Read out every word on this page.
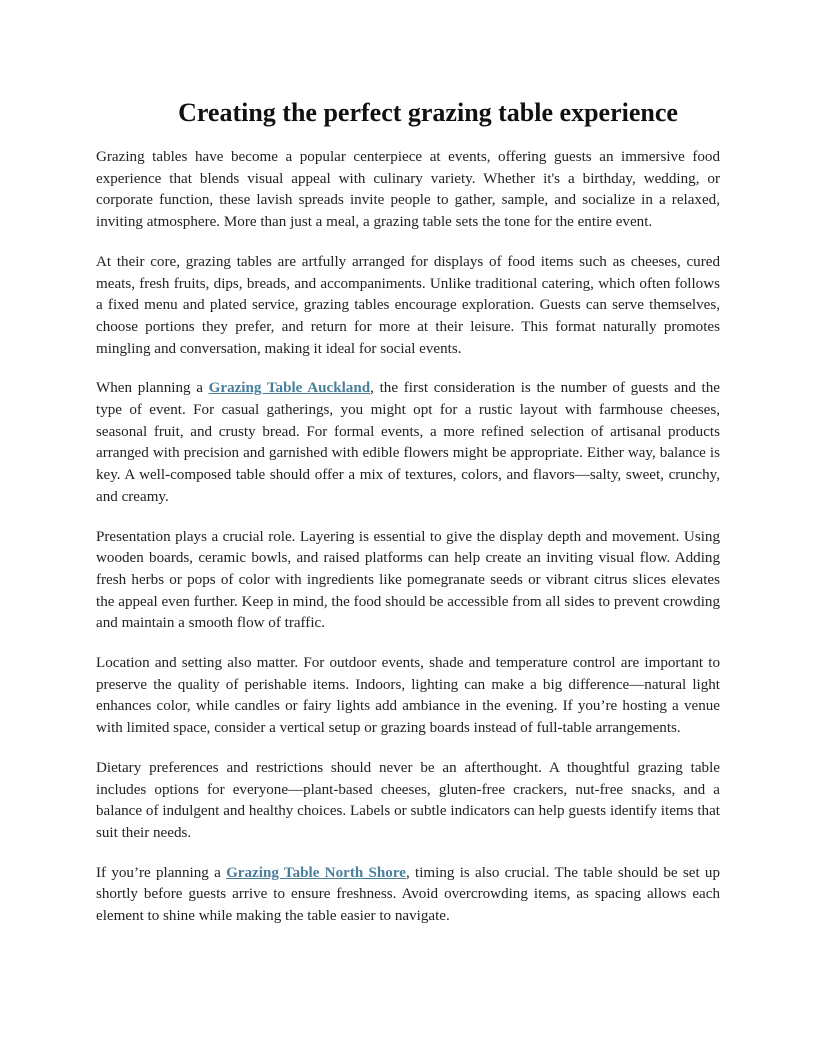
Creating the perfect grazing table experience

Grazing tables have become a popular centerpiece at events, offering guests an immersive food experience that blends visual appeal with culinary variety. Whether it's a birthday, wedding, or corporate function, these lavish spreads invite people to gather, sample, and socialize in a relaxed, inviting atmosphere. More than just a meal, a grazing table sets the tone for the entire event.

At their core, grazing tables are artfully arranged for displays of food items such as cheeses, cured meats, fresh fruits, dips, breads, and accompaniments. Unlike traditional catering, which often follows a fixed menu and plated service, grazing tables encourage exploration. Guests can serve themselves, choose portions they prefer, and return for more at their leisure. This format naturally promotes mingling and conversation, making it ideal for social events.

When planning a Grazing Table Auckland, the first consideration is the number of guests and the type of event. For casual gatherings, you might opt for a rustic layout with farmhouse cheeses, seasonal fruit, and crusty bread. For formal events, a more refined selection of artisanal products arranged with precision and garnished with edible flowers might be appropriate. Either way, balance is key. A well-composed table should offer a mix of textures, colors, and flavors—salty, sweet, crunchy, and creamy.

Presentation plays a crucial role. Layering is essential to give the display depth and movement. Using wooden boards, ceramic bowls, and raised platforms can help create an inviting visual flow. Adding fresh herbs or pops of color with ingredients like pomegranate seeds or vibrant citrus slices elevates the appeal even further. Keep in mind, the food should be accessible from all sides to prevent crowding and maintain a smooth flow of traffic.

Location and setting also matter. For outdoor events, shade and temperature control are important to preserve the quality of perishable items. Indoors, lighting can make a big difference—natural light enhances color, while candles or fairy lights add ambiance in the evening. If you’re hosting a venue with limited space, consider a vertical setup or grazing boards instead of full-table arrangements.

Dietary preferences and restrictions should never be an afterthought. A thoughtful grazing table includes options for everyone—plant-based cheeses, gluten-free crackers, nut-free snacks, and a balance of indulgent and healthy choices. Labels or subtle indicators can help guests identify items that suit their needs.

If you’re planning a Grazing Table North Shore, timing is also crucial. The table should be set up shortly before guests arrive to ensure freshness. Avoid overcrowding items, as spacing allows each element to shine while making the table easier to navigate.
